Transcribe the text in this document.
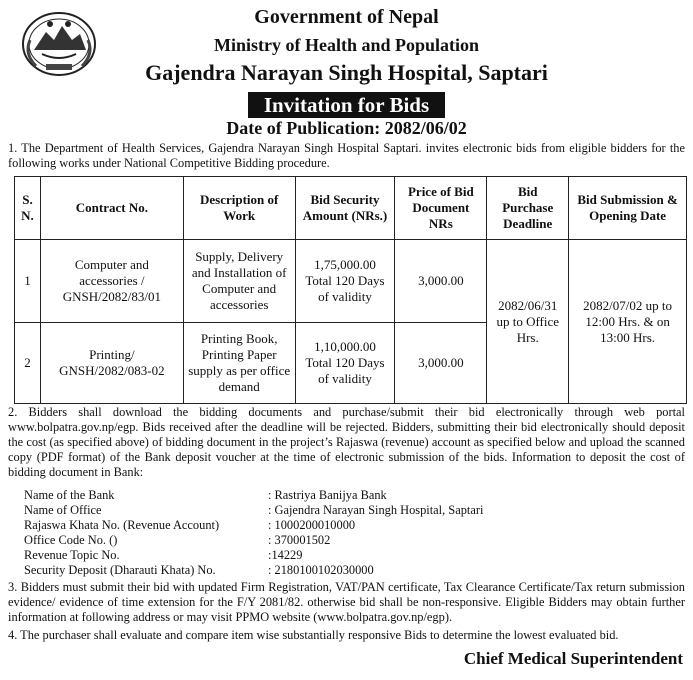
Government of Nepal
Ministry of Health and Population
Gajendra Narayan Singh Hospital, Saptari
Invitation for Bids
Date of Publication: 2082/06/02
1. The Department of Health Services, Gajendra Narayan Singh Hospital Saptari. invites electronic bids from eligible bidders for the following works under National Competitive Bidding procedure.
S. N.	Contract No.	Description of Work	Bid Security Amount (NRs.)	Price of Bid Document NRs	Bid Purchase Deadline	Bid Submission & Opening Date
1	Computer and accessories / GNSH/2082/83/01	Supply, Delivery and Installation of Computer and accessories	1,75,000.00 Total 120 Days of validity	3,000.00	2082/06/31 up to Office Hrs.	2082/07/02 up to 12:00 Hrs. & on 13:00 Hrs.
2	Printing/ GNSH/2082/083-02	Printing Book, Printing Paper supply as per office demand	1,10,000.00 Total 120 Days of validity	3,000.00		
2. Bidders shall download the bidding documents and purchase/submit their bid electronically through web portal www.bolpatra.gov.np/egp. Bids received after the deadline will be rejected. Bidders, submitting their bid electronically should deposit the cost (as specified above) of bidding document in the project’s Rajaswa (revenue) account as specified below and upload the scanned copy (PDF format) of the Bank deposit voucher at the time of electronic submission of the bids. Information to deposit the cost of bidding document in Bank:
Name of the Bank	: Rastriya Banijya Bank
Name of Office	: Gajendra Narayan Singh Hospital, Saptari
Rajaswa Khata No. (Revenue Account)	: 1000200010000
Office Code No. ()	: 370001502
Revenue Topic No.	:14229
Security Deposit (Dharauti Khata) No.	: 2180100102030000
3. Bidders must submit their bid with updated Firm Registration, VAT/PAN certificate, Tax Clearance Certificate/Tax return submission evidence/ evidence of time extension for the F/Y 2081/82. otherwise bid shall be non-responsive. Eligible Bidders may obtain further information at following address or may visit PPMO website (www.bolpatra.gov.np/egp).
4. The purchaser shall evaluate and compare item wise substantially responsive Bids to determine the lowest evaluated bid.
Chief Medical Superintendent
